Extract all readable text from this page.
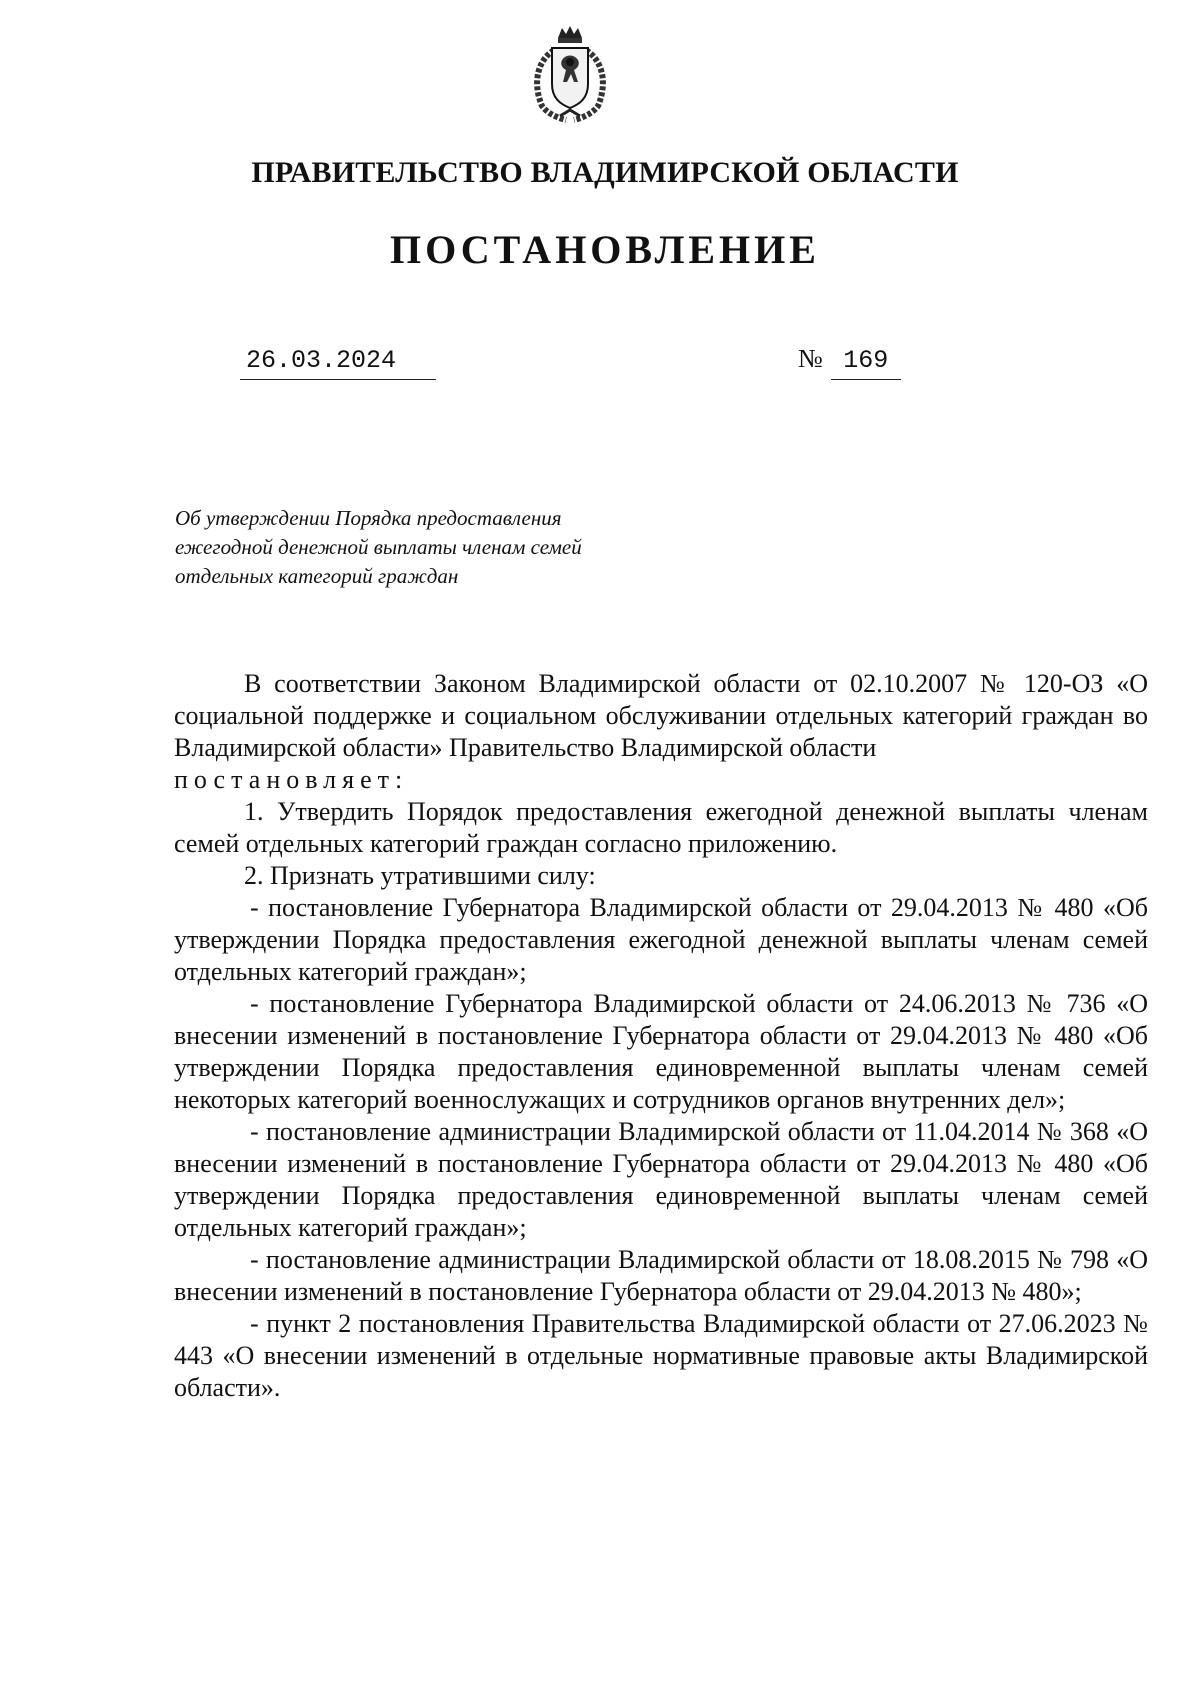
ПРАВИТЕЛЬСТВО ВЛАДИМИРСКОЙ ОБЛАСТИ
ПОСТАНОВЛЕНИЕ
26.03.2024	№ 169
Об утверждении Порядка предоставления
ежегодной денежной выплаты членам семей
отдельных категорий граждан

В соответствии Законом Владимирской области от 02.10.2007 № 120-ОЗ «О социальной поддержке и социальном обслуживании отдельных категорий граждан во Владимирской области» Правительство Владимирской области

постановляет:

1. Утвердить Порядок предоставления ежегодной денежной выплаты членам семей отдельных категорий граждан согласно приложению.

2. Признать утратившими силу:

- постановление Губернатора Владимирской области от 29.04.2013 № 480 «Об утверждении Порядка предоставления ежегодной денежной выплаты членам семей отдельных категорий граждан»;

- постановление Губернатора Владимирской области от 24.06.2013 № 736 «О внесении изменений в постановление Губернатора области от 29.04.2013 № 480 «Об утверждении Порядка предоставления единовременной выплаты членам семей некоторых категорий военнослужащих и сотрудников органов внутренних дел»;

- постановление администрации Владимирской области от 11.04.2014 № 368 «О внесении изменений в постановление Губернатора области от 29.04.2013 № 480 «Об утверждении Порядка предоставления единовременной выплаты членам семей отдельных категорий граждан»;

- постановление администрации Владимирской области от 18.08.2015 № 798 «О внесении изменений в постановление Губернатора области от 29.04.2013 № 480»;

- пункт 2 постановления Правительства Владимирской области от 27.06.2023 № 443 «О внесении изменений в отдельные нормативные правовые акты Владимирской области».
